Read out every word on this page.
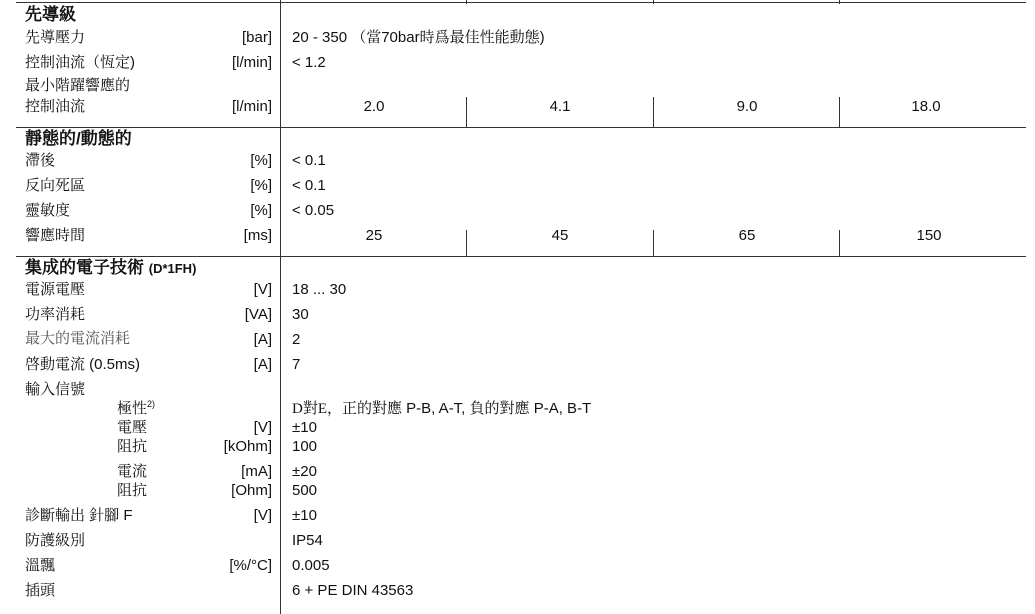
先導級
先導壓力	[bar] 20 - 350 （當70bar時爲最佳性能動態)
控制油流（恆定)	[l/min] < 1.2
最小階躍響應的
控制油流	[l/min]	2.0	4.1	9.0	18.0
靜態的/動態的
滯後	[%] < 0.1
反向死區	[%] < 0.1
靈敏度	[%] < 0.05
響應時間	[ms]	25	45	65	150
集成的電子技術 (D*1FH)
電源電壓	[V] 18 ... 30
功率消耗	[VA] 30
最大的電流消耗	[A] 2
啓動電流 (0.5ms)	[A] 7
輸入信號
極性$^{2)}$	D對E，正的對應 P-B, A-T, 負的對應 P-A, B-T
電壓	[V] ±10
阻抗	[kOhm] 100
電流	[mA] ±20
阻抗	[Ohm] 500
診斷輸出 針腳 F	[V] ±10
防護級別	IP54
溫飄	[%/°C] 0.005
插頭	6 + PE DIN 43563
